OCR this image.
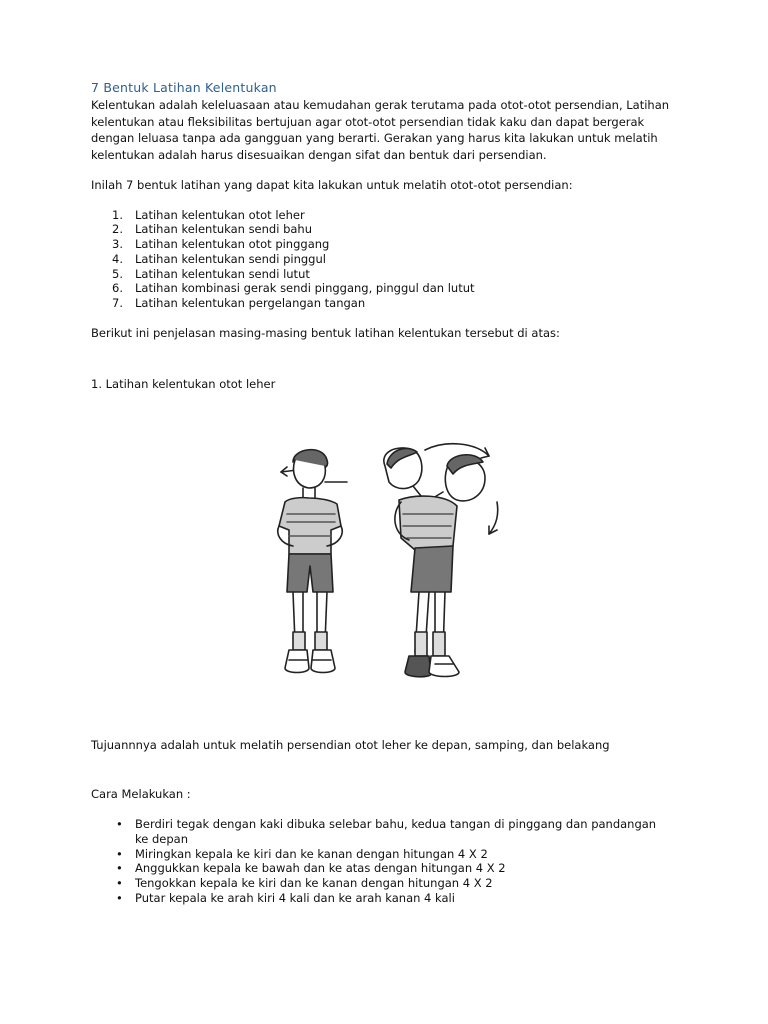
7 Bentuk Latihan Kelentukan

Kelentukan adalah keleluasaan atau kemudahan gerak terutama pada otot-otot persendian, Latihan kelentukan atau fleksibilitas bertujuan agar otot-otot persendian tidak kaku dan dapat bergerak dengan leluasa tanpa ada gangguan yang berarti. Gerakan yang harus kita lakukan untuk melatih kelentukan adalah harus disesuaikan dengan sifat dan bentuk dari persendian.

Inilah 7 bentuk latihan yang dapat kita lakukan untuk melatih otot-otot persendian:

1. Latihan kelentukan otot leher
2. Latihan kelentukan sendi bahu
3. Latihan kelentukan otot pinggang
4. Latihan kelentukan sendi pinggul
5. Latihan kelentukan sendi lutut
6. Latihan kombinasi gerak sendi pinggang, pinggul dan lutut
7. Latihan kelentukan pergelangan tangan

Berikut ini penjelasan masing-masing bentuk latihan kelentukan tersebut di atas:

1. Latihan kelentukan otot leher

Tujuannnya adalah untuk melatih persendian otot leher ke depan, samping, dan belakang

Cara Melakukan :

• Berdiri tegak dengan kaki dibuka selebar bahu, kedua tangan di pinggang dan pandangan ke depan
• Miringkan kepala ke kiri dan ke kanan dengan hitungan 4 X 2
• Anggukkan kepala ke bawah dan ke atas dengan hitungan 4 X 2
• Tengokkan kepala ke kiri dan ke kanan dengan hitungan 4 X 2
• Putar kepala ke arah kiri 4 kali dan ke arah kanan 4 kali
